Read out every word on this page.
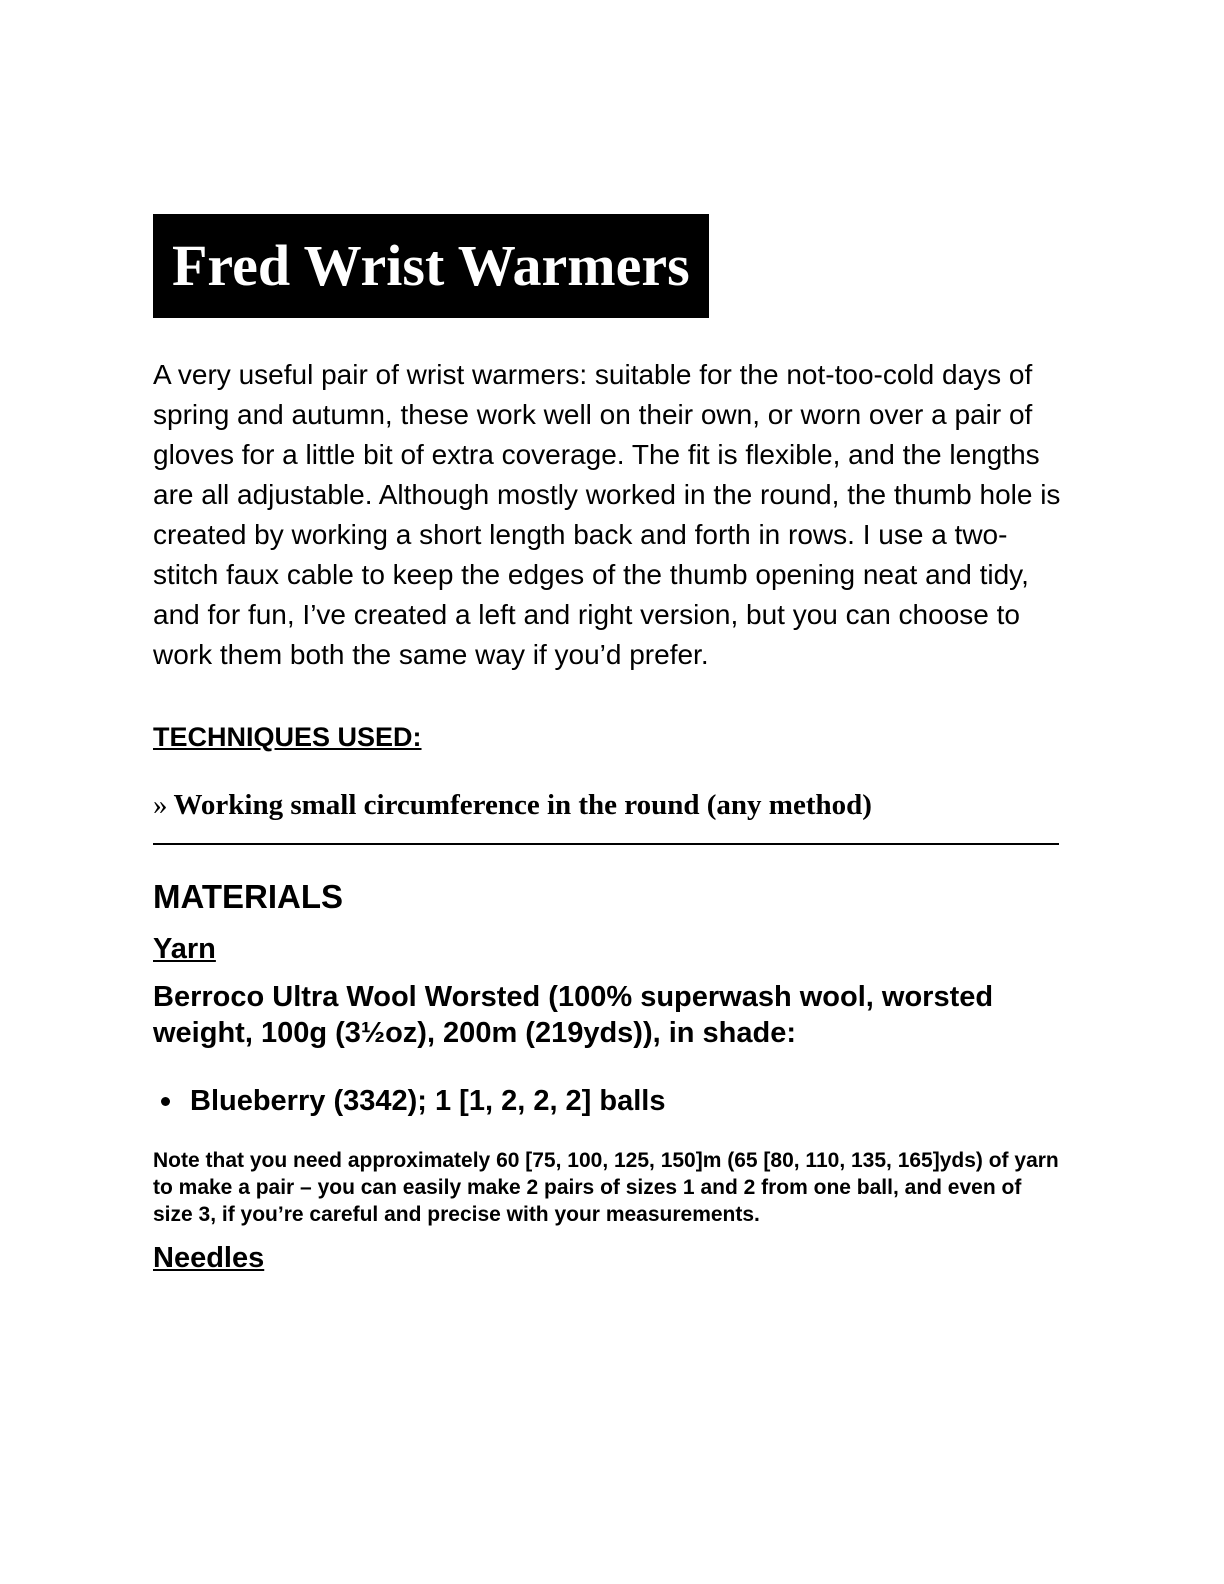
Fred Wrist Warmers

A very useful pair of wrist warmers: suitable for the not-too-cold days of spring and autumn, these work well on their own, or worn over a pair of gloves for a little bit of extra coverage. The fit is flexible, and the lengths are all adjustable. Although mostly worked in the round, the thumb hole is created by working a short length back and forth in rows. I use a two-stitch faux cable to keep the edges of the thumb opening neat and tidy, and for fun, I’ve created a left and right version, but you can choose to work them both the same way if you’d prefer.

TECHNIQUES USED:
» Working small circumference in the round (any method)
MATERIALS
Yarn
Berroco Ultra Wool Worsted (100% superwash wool, worsted weight, 100g (3½oz), 200m (219yds)), in shade:
Blueberry (3342); 1 [1, 2, 2, 2] balls
Note that you need approximately 60 [75, 100, 125, 150]m (65 [80, 110, 135, 165]yds) of yarn to make a pair – you can easily make 2 pairs of sizes 1 and 2 from one ball, and even of size 3, if you’re careful and precise with your measurements.
Needles
